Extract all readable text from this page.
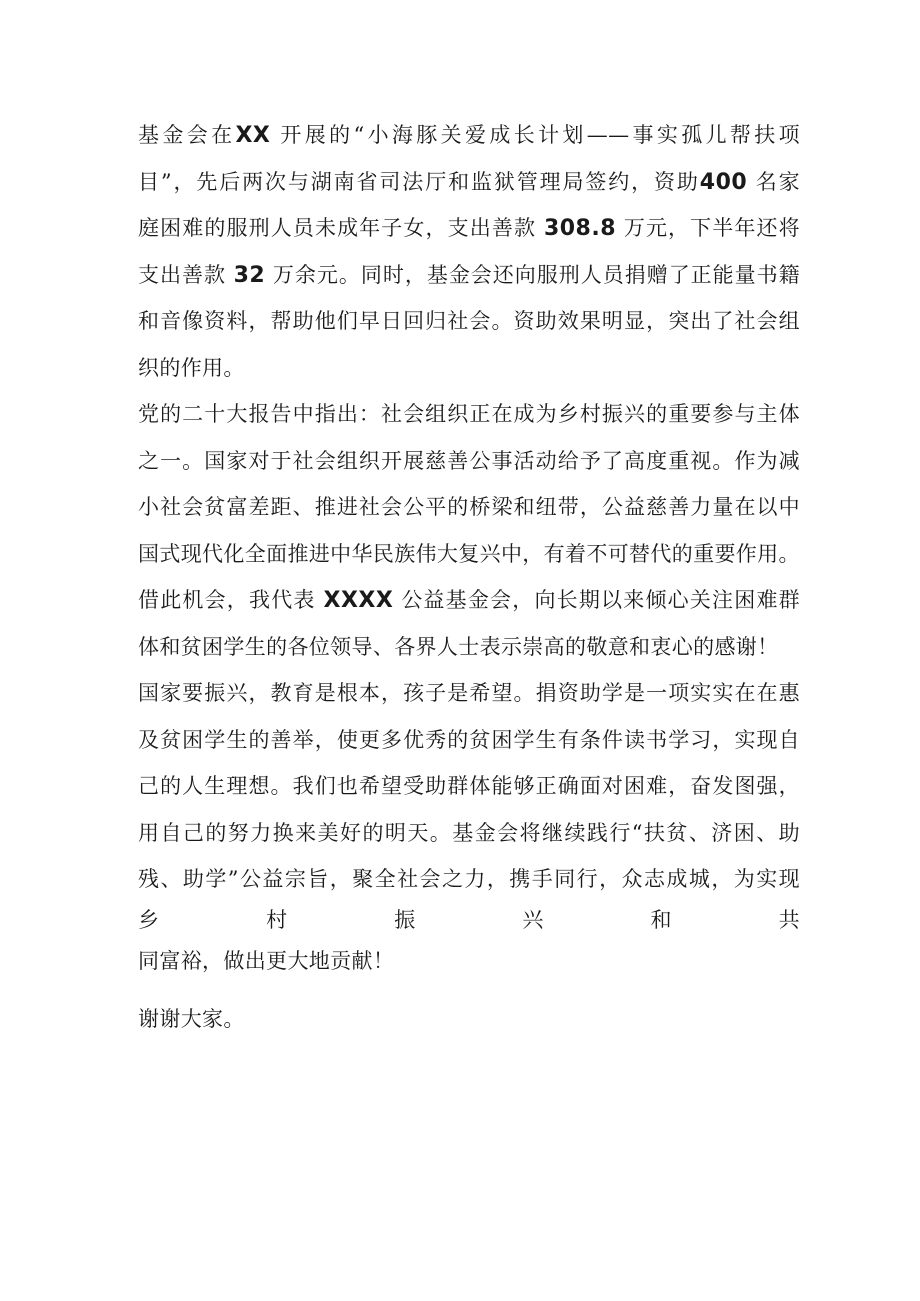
基金会在XX 开展的“小海豚关爱成长计划——事实孤儿帮扶项
目”，先后两次与湖南省司法厅和监狱管理局签约，资助400 名家
庭困难的服刑人员未成年子女，支出善款 308.8 万元，下半年还将
支出善款 32 万余元。同时，基金会还向服刑人员捐赠了正能量书籍
和音像资料，帮助他们早日回归社会。资助效果明显，突出了社会组
织的作用。
党的二十大报告中指出：社会组织正在成为乡村振兴的重要参与主体
之一。国家对于社会组织开展慈善公事活动给予了高度重视。作为减
小社会贫富差距、推进社会公平的桥梁和纽带，公益慈善力量在以中
国式现代化全面推进中华民族伟大复兴中，有着不可替代的重要作用。
借此机会，我代表 XXXX 公益基金会，向长期以来倾心关注困难群
体和贫困学生的各位领导、各界人士表示崇高的敬意和衷心的感谢！
国家要振兴，教育是根本，孩子是希望。捐资助学是一项实实在在惠
及贫困学生的善举，使更多优秀的贫困学生有条件读书学习，实现自
己的人生理想。我们也希望受助群体能够正确面对困难，奋发图强，
用自己的努力换来美好的明天。基金会将继续践行“扶贫、济困、助
残、助学”公益宗旨，聚全社会之力，携手同行，众志成城，为实现
乡村振兴和共
同富裕，做出更大地贡献！
谢谢大家。
